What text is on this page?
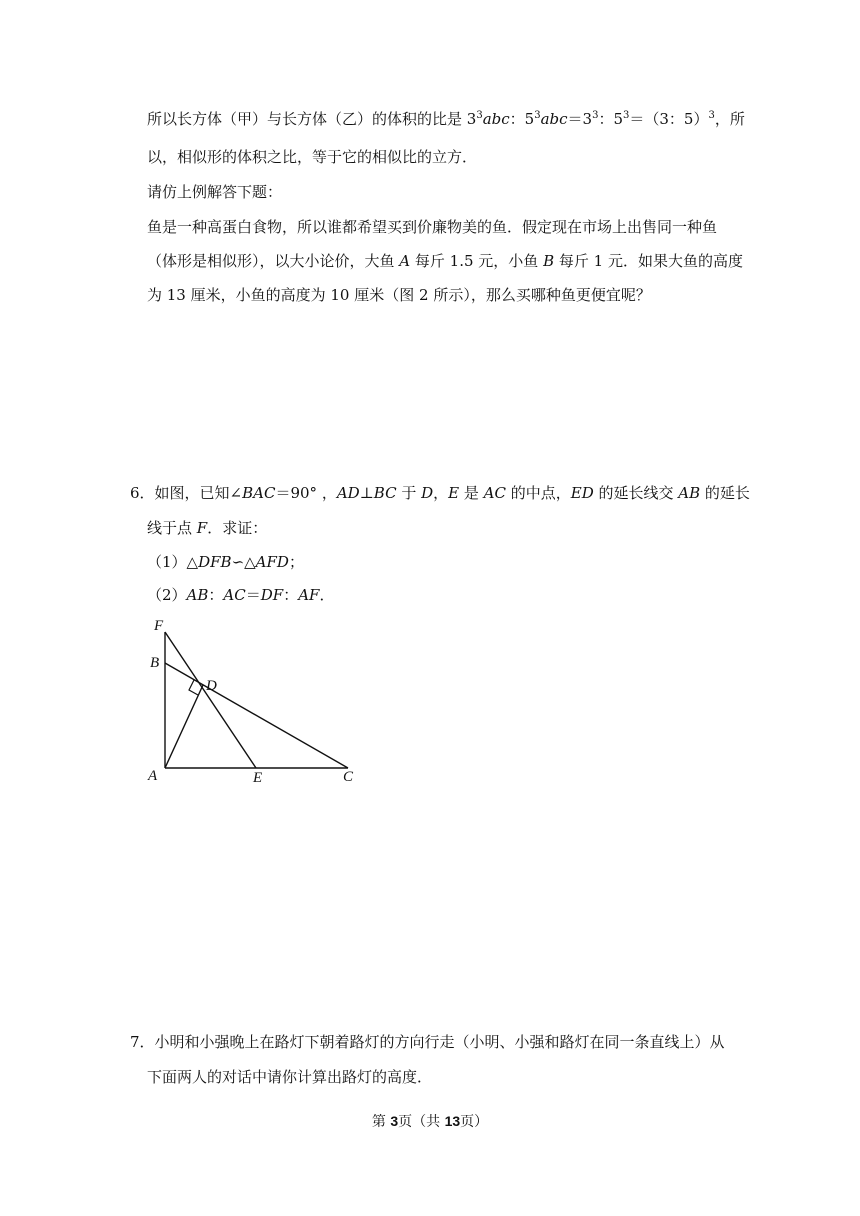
所以长方体（甲）与长方体（乙）的体积的比是 $3^3abc$：$5^3abc=3^3$：$5^3=(3$：5）$^3$，所
以，相似形的体积之比，等于它的相似比的立方．
请仿上例解答下题：
鱼是一种高蛋白食物，所以谁都希望买到价廉物美的鱼．假定现在市场上出售同一种鱼
（体形是相似形），以大小论价，大鱼 A 每斤 1.5 元，小鱼 B 每斤 1 元．如果大鱼的高度
为 13 厘米，小鱼的高度为 10 厘米（图 2 所示），那么买哪种鱼更便宜呢？
6．如图，已知∠BAC＝90° ，AD⊥BC 于 D，E 是 AC 的中点，ED 的延长线交 AB 的延长
线于点 F．求证：
（1）△DFB∽△AFD；
（2）AB：AC＝DF：AF．
F
B
D
A	E	C
7．小明和小强晚上在路灯下朝着路灯的方向行走（小明、小强和路灯在同一条直线上）从
下面两人的对话中请你计算出路灯的高度．
第 3页（共 13页）
